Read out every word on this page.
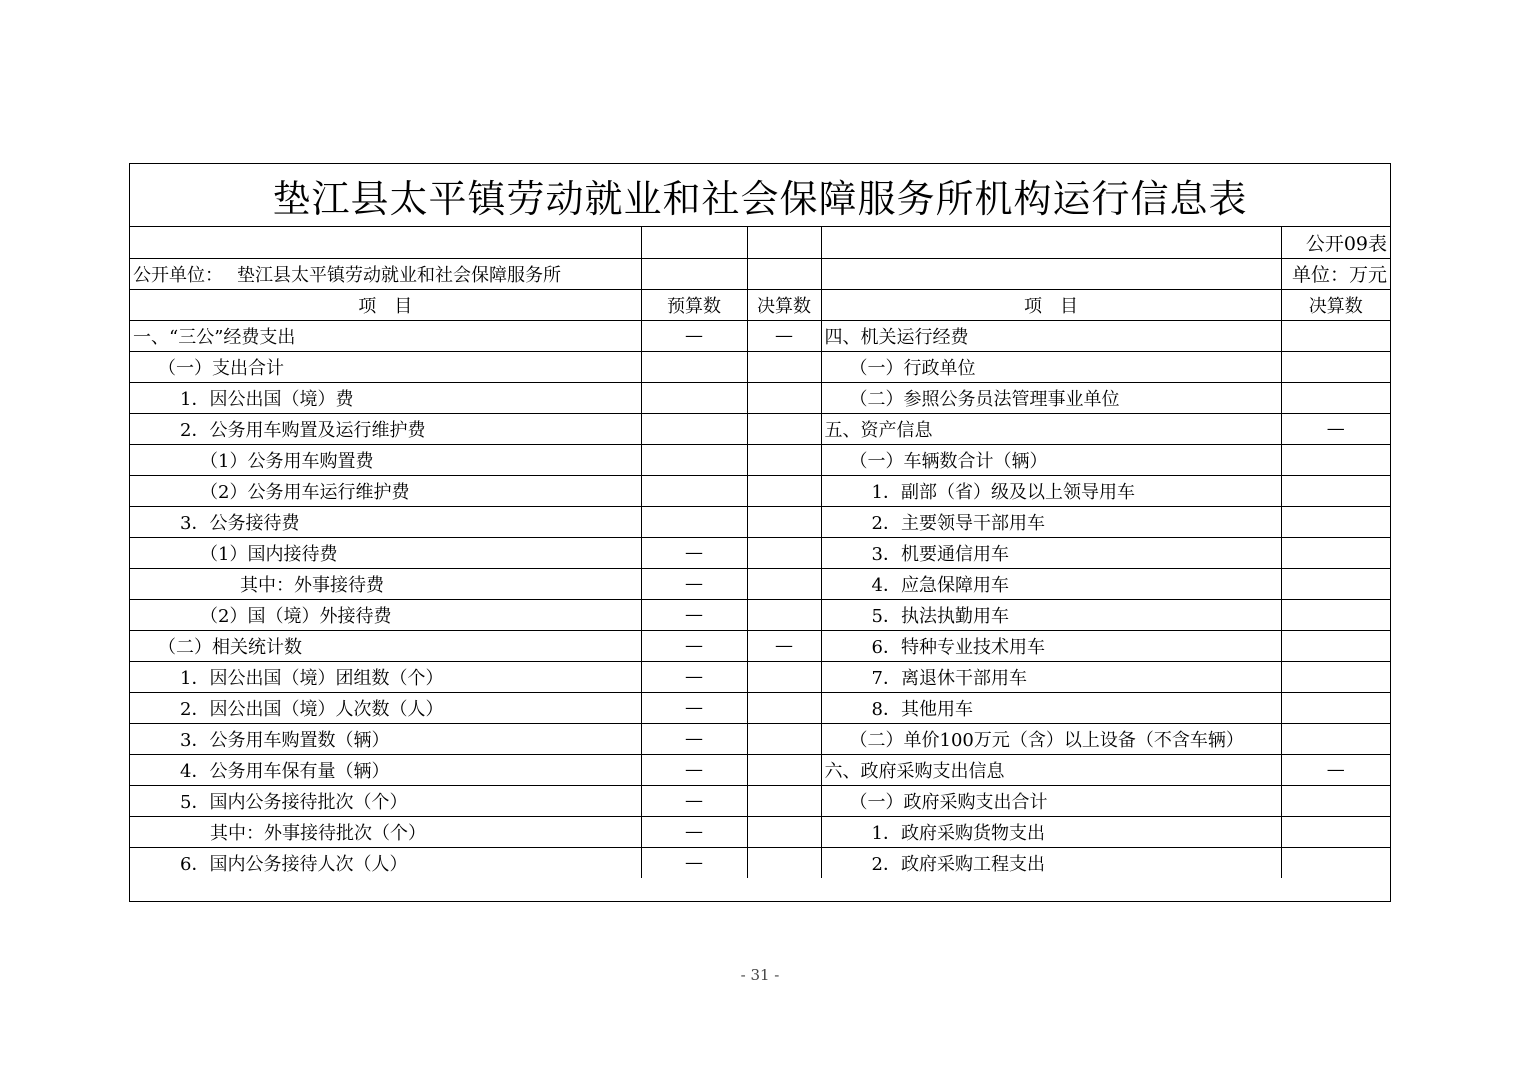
垫江县太平镇劳动就业和社会保障服务所机构运行信息表
				公开09表
公开单位： 垫江县太平镇劳动就业和社会保障服务所				单位：万元
项　目	预算数	决算数	项　目	决算数
一、“三公”经费支出	—	—	四、机关运行经费	
（一）支出合计			（一）行政单位	
1．因公出国（境）费			（二）参照公务员法管理事业单位	
2．公务用车购置及运行维护费			五、资产信息	—
（1）公务用车购置费			（一）车辆数合计（辆）	
（2）公务用车运行维护费			1．副部（省）级及以上领导用车	
3．公务接待费			2．主要领导干部用车	
（1）国内接待费	—		3．机要通信用车	
其中：外事接待费	—		4．应急保障用车	
（2）国（境）外接待费	—		5．执法执勤用车	
（二）相关统计数	—	—	6．特种专业技术用车	
1．因公出国（境）团组数（个）	—		7．离退休干部用车	
2．因公出国（境）人次数（人）	—		8．其他用车	
3．公务用车购置数（辆）	—		（二）单价100万元（含）以上设备（不含车辆）	
4．公务用车保有量（辆）	—		六、政府采购支出信息	—
5．国内公务接待批次（个）	—		（一）政府采购支出合计	
其中：外事接待批次（个）	—		1．政府采购货物支出	
6．国内公务接待人次（人）	—		2．政府采购工程支出	
- 31 -
